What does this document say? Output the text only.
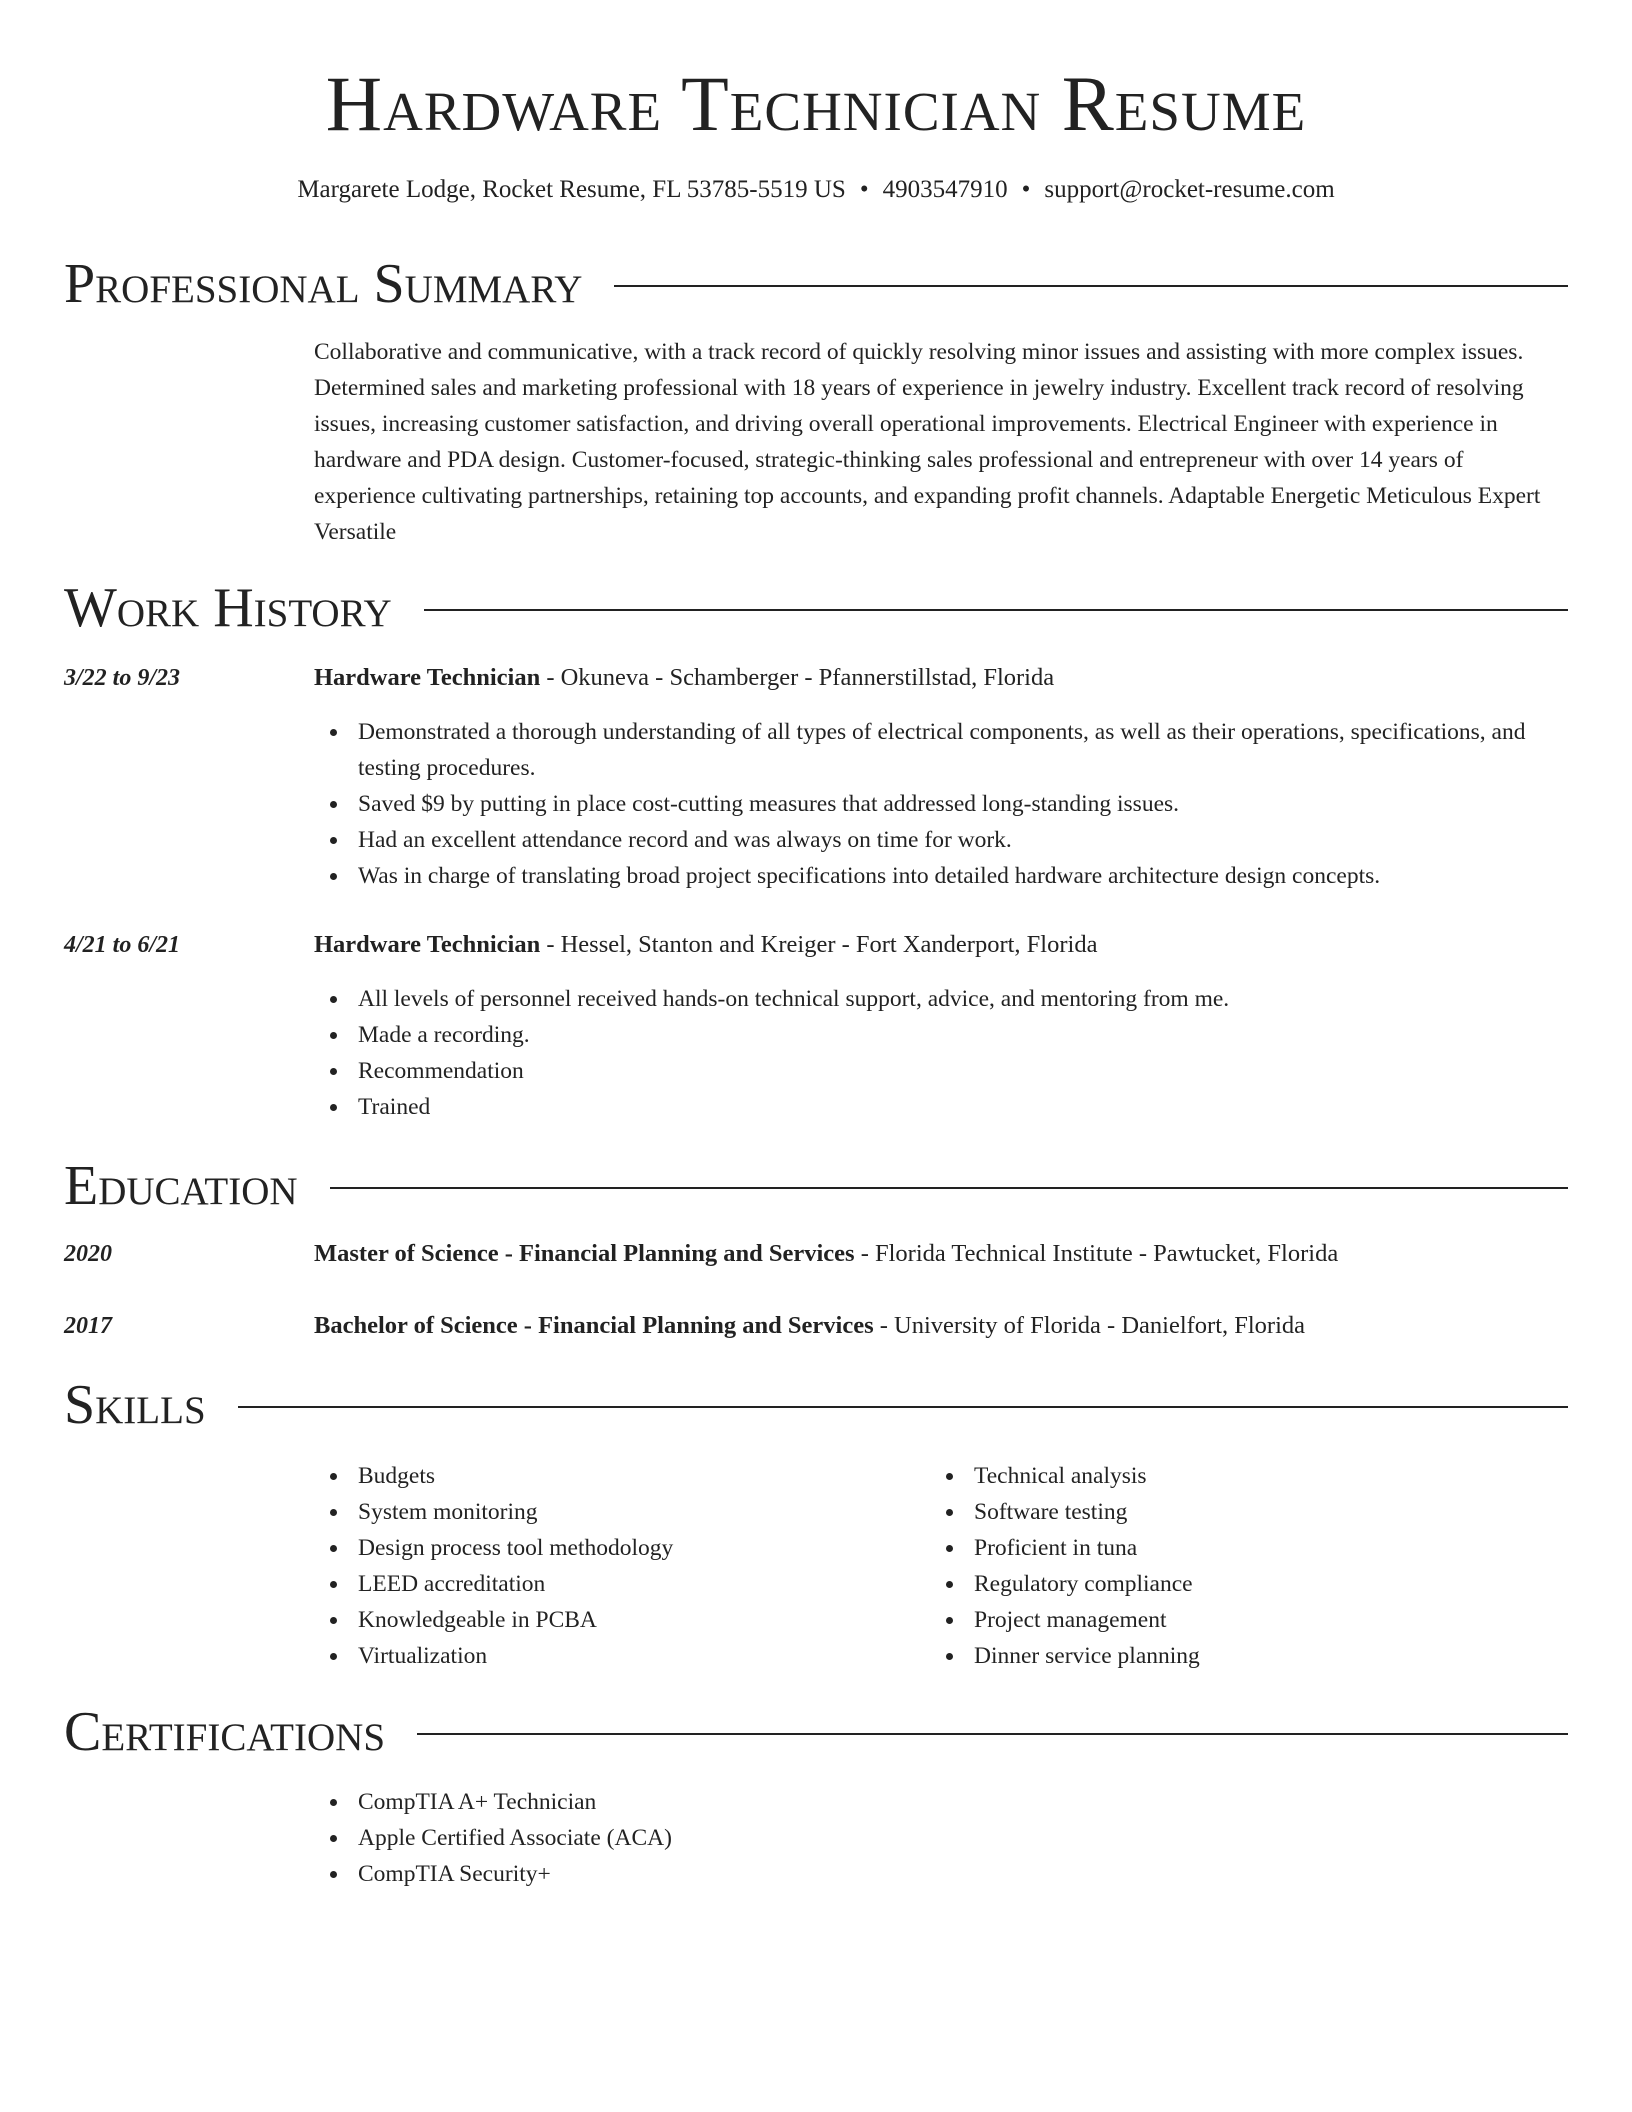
Hardware Technician Resume
Margarete Lodge, Rocket Resume, FL 53785-5519 US • 4903547910 • support@rocket-resume.com
Professional Summary
Collaborative and communicative, with a track record of quickly resolving minor issues and assisting with more complex issues. Determined sales and marketing professional with 18 years of experience in jewelry industry. Excellent track record of resolving issues, increasing customer satisfaction, and driving overall operational improvements. Electrical Engineer with experience in hardware and PDA design. Customer-focused, strategic-thinking sales professional and entrepreneur with over 14 years of experience cultivating partnerships, retaining top accounts, and expanding profit channels. Adaptable Energetic Meticulous Expert Versatile
Work History
3/22 to 9/23	Hardware Technician - Okuneva - Schamberger - Pfannerstillstad, Florida
Demonstrated a thorough understanding of all types of electrical components, as well as their operations, specifications, and testing procedures.
Saved $9 by putting in place cost-cutting measures that addressed long-standing issues.
Had an excellent attendance record and was always on time for work.
Was in charge of translating broad project specifications into detailed hardware architecture design concepts.
4/21 to 6/21	Hardware Technician - Hessel, Stanton and Kreiger - Fort Xanderport, Florida
All levels of personnel received hands-on technical support, advice, and mentoring from me.
Made a recording.
Recommendation
Trained
Education
2020	Master of Science - Financial Planning and Services - Florida Technical Institute - Pawtucket, Florida
2017	Bachelor of Science - Financial Planning and Services - University of Florida - Danielfort, Florida
Skills
Budgets
System monitoring
Design process tool methodology
LEED accreditation
Knowledgeable in PCBA
Virtualization
Technical analysis
Software testing
Proficient in tuna
Regulatory compliance
Project management
Dinner service planning
Certifications
CompTIA A+ Technician
Apple Certified Associate (ACA)
CompTIA Security+
